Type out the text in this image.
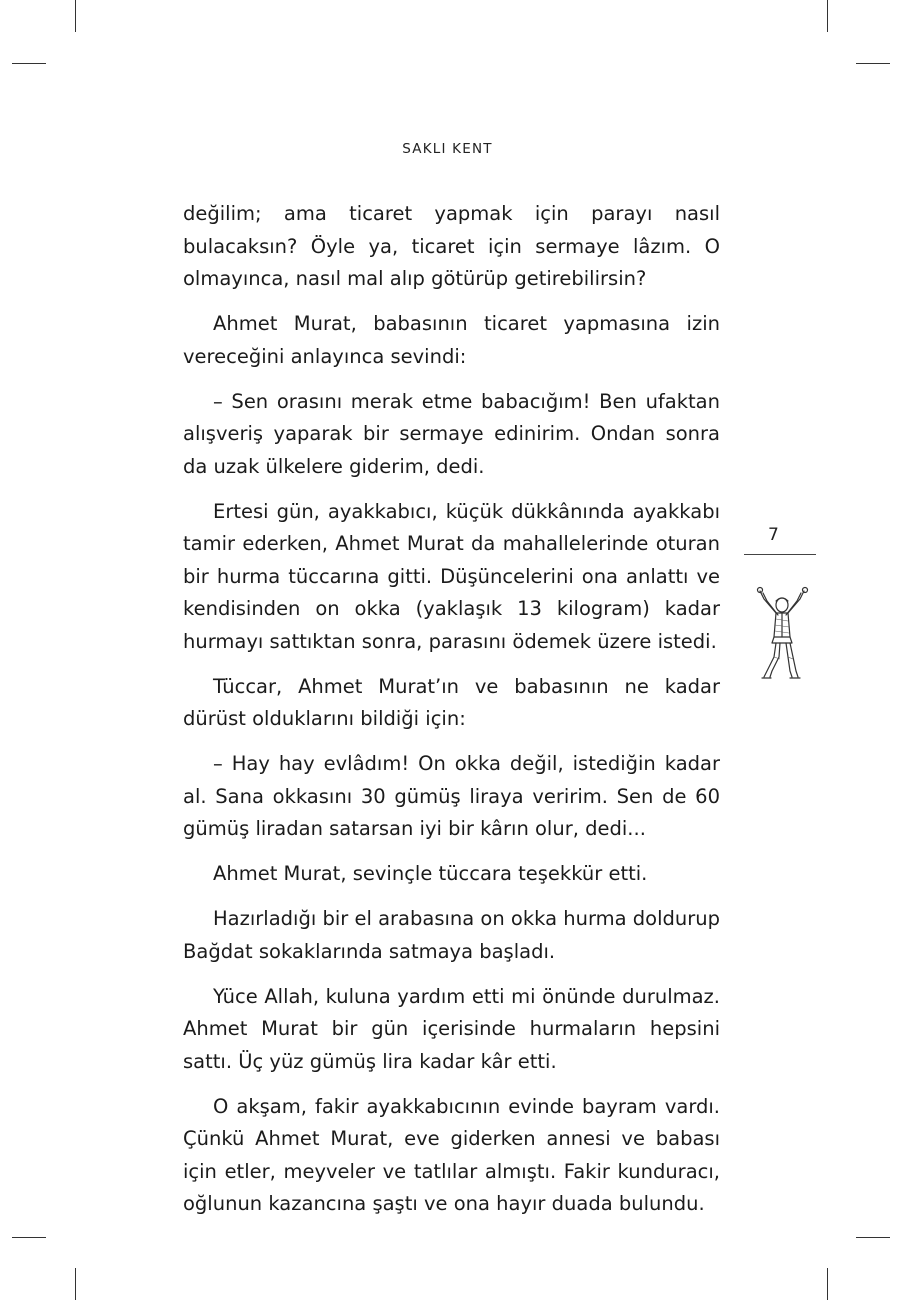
SAKLI KENT

değilim; ama ticaret yapmak için parayı nasıl bulacaksın? Öyle ya, ticaret için sermaye lâzım. O olmayınca, nasıl mal alıp götürüp getirebilirsin?

Ahmet Murat, babasının ticaret yapmasına izin vereceğini anlayınca sevindi:

– Sen orasını merak etme babacığım! Ben ufaktan alışveriş yaparak bir sermaye edinirim. Ondan sonra da uzak ülkelere giderim, dedi.

Ertesi gün, ayakkabıcı, küçük dükkânında ayakkabı tamir ederken, Ahmet Murat da mahallelerinde oturan bir hurma tüccarına gitti. Düşüncelerini ona anlattı ve kendisinden on okka (yaklaşık 13 kilogram) kadar hurmayı sattıktan sonra, parasını ödemek üzere istedi.

Tüccar, Ahmet Murat’ın ve babasının ne kadar dürüst olduklarını bildiği için:

– Hay hay evlâdım! On okka değil, istediğin kadar al. Sana okkasını 30 gümüş liraya veririm. Sen de 60 gümüş liradan satarsan iyi bir kârın olur, dedi...

Ahmet Murat, sevinçle tüccara teşekkür etti.

Hazırladığı bir el arabasına on okka hurma doldurup Bağdat sokaklarında satmaya başladı.

Yüce Allah, kuluna yardım etti mi önünde durulmaz. Ahmet Murat bir gün içerisinde hurmaların hepsini sattı. Üç yüz gümüş lira kadar kâr etti.

O akşam, fakir ayakkabıcının evinde bayram vardı. Çünkü Ahmet Murat, eve giderken annesi ve babası için etler, meyveler ve tatlılar almıştı. Fakir kunduracı, oğlunun kazancına şaştı ve ona hayır duada bulundu.

7
